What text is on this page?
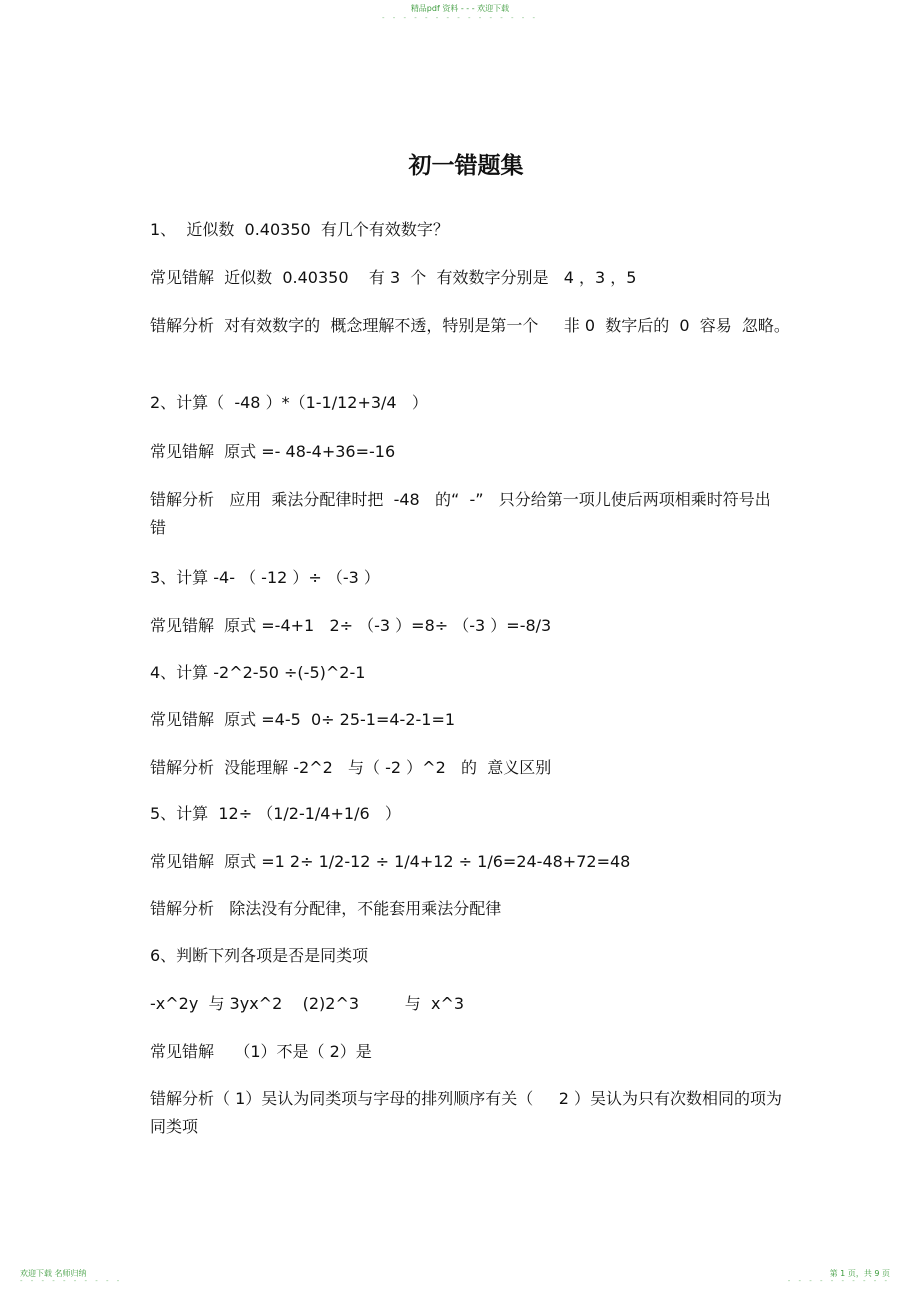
精品pdf 资料 - - - 欢迎下载
- - - - - - - - - - - - - - -
初一错题集
1、  近似数  0.40350  有几个有效数字？
常见错解  近似数  0.40350    有 3  个  有效数字分别是   4 ，3 ，5
错解分析  对有效数字的  概念理解不透，特别是第一个     非 0  数字后的  0  容易  忽略。
2、计算（  -48 ）*（1-1/12+3/4   ）
常见错解  原式 =- 48-4+36=-16
错解分析   应用  乘法分配律时把  -48   的“  -”   只分给第一项儿使后两项相乘时符号出错
3、计算 -4- （ -12 ）÷ （-3 ）
常见错解  原式 =-4+1   2÷ （-3 ）=8÷ （-3 ）=-8/3
4、计算 -2^2-50 ÷(-5)^2-1
常见错解  原式 =4-5  0÷ 25-1=4-2-1=1
错解分析  没能理解 -2^2   与（ -2 ）^2   的  意义区别
5、计算  12÷ （1/2-1/4+1/6   ）
常见错解  原式 =1 2÷ 1/2-12 ÷ 1/4+12 ÷ 1/6=24-48+72=48
错解分析   除法没有分配律，不能套用乘法分配律
6、判断下列各项是否是同类项
-x^2y  与 3yx^2    (2)2^3         与  x^3
常见错解    （1）不是（ 2）是
错解分析（ 1）吴认为同类项与字母的排列顺序有关（     2 ）吴认为只有次数相同的项为同类项
欢迎下载 名师归纳
- - - - - - - - - -
第 1 页，共 9 页
- - - - - - - - - -
